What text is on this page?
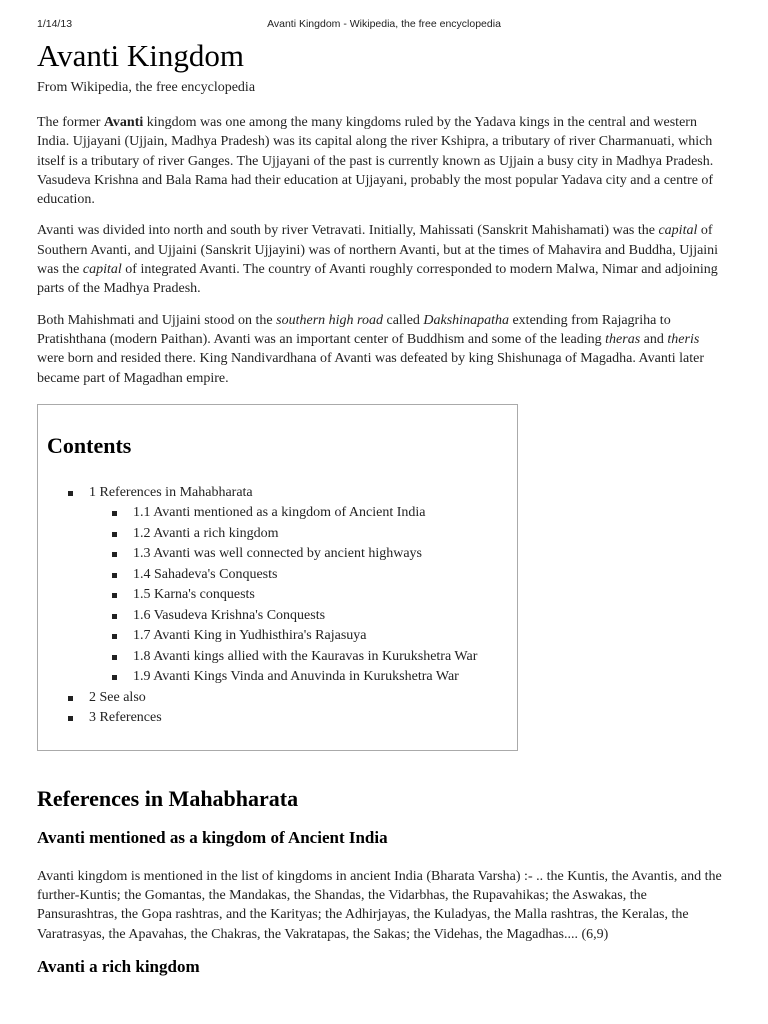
1/14/13	Avanti Kingdom - Wikipedia, the free encyclopedia
Avanti Kingdom
From Wikipedia, the free encyclopedia

The former Avanti kingdom was one among the many kingdoms ruled by the Yadava kings in the central and western India. Ujjayani (Ujjain, Madhya Pradesh) was its capital along the river Kshipra, a tributary of river Charmanuati, which itself is a tributary of river Ganges. The Ujjayani of the past is currently known as Ujjain a busy city in Madhya Pradesh. Vasudeva Krishna and Bala Rama had their education at Ujjayani, probably the most popular Yadava city and a centre of education.

Avanti was divided into north and south by river Vetravati. Initially, Mahissati (Sanskrit Mahishamati) was the capital of Southern Avanti, and Ujjaini (Sanskrit Ujjayini) was of northern Avanti, but at the times of Mahavira and Buddha, Ujjaini was the capital of integrated Avanti. The country of Avanti roughly corresponded to modern Malwa, Nimar and adjoining parts of the Madhya Pradesh.

Both Mahishmati and Ujjaini stood on the southern high road called Dakshinapatha extending from Rajagriha to Pratishthana (modern Paithan). Avanti was an important center of Buddhism and some of the leading theras and theris were born and resided there. King Nandivardhana of Avanti was defeated by king Shishunaga of Magadha. Avanti later became part of Magadhan empire.

Contents
1 References in Mahabharata
1.1 Avanti mentioned as a kingdom of Ancient India
1.2 Avanti a rich kingdom
1.3 Avanti was well connected by ancient highways
1.4 Sahadeva's Conquests
1.5 Karna's conquests
1.6 Vasudeva Krishna's Conquests
1.7 Avanti King in Yudhisthira's Rajasuya
1.8 Avanti kings allied with the Kauravas in Kurukshetra War
1.9 Avanti Kings Vinda and Anuvinda in Kurukshetra War
2 See also
3 References
References in Mahabharata
Avanti mentioned as a kingdom of Ancient India

Avanti kingdom is mentioned in the list of kingdoms in ancient India (Bharata Varsha) :- .. the Kuntis, the Avantis, and the further-Kuntis; the Gomantas, the Mandakas, the Shandas, the Vidarbhas, the Rupavahikas; the Aswakas, the Pansurashtras, the Gopa rashtras, and the Karityas; the Adhirjayas, the Kuladyas, the Malla rashtras, the Keralas, the Varatrasyas, the Apavahas, the Chakras, the Vakratapas, the Sakas; the Videhas, the Magadhas.... (6,9)

Avanti a rich kingdom
